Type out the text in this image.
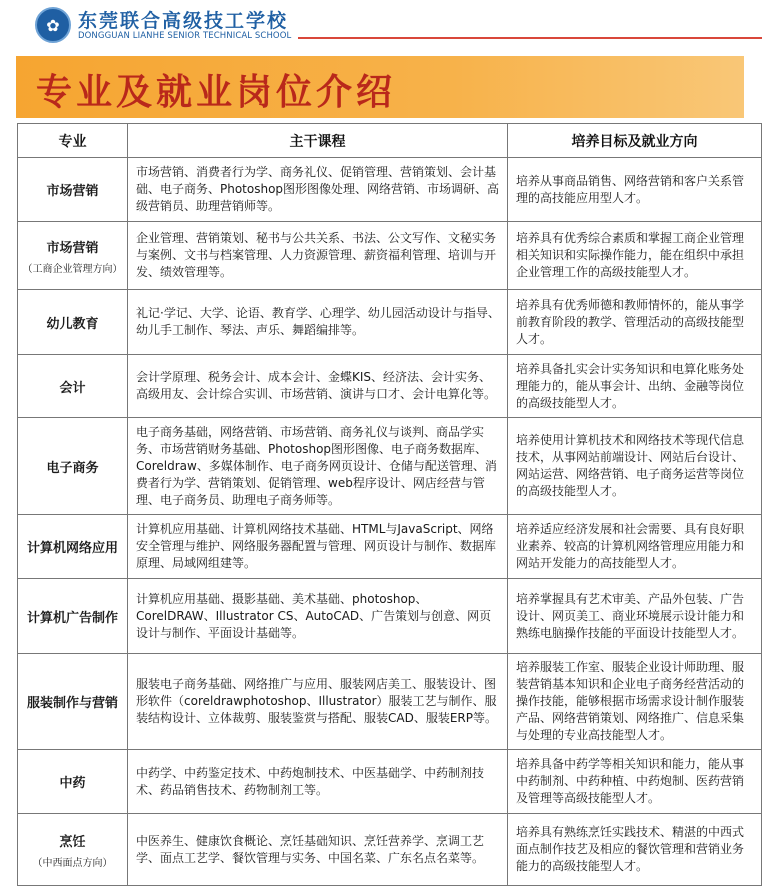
✿ 东莞联合高级技工学校
DONGGUAN LIANHE SENIOR TECHNICAL SCHOOL
专业及就业岗位介绍
专业	主干课程	培养目标及就业方向
市场营销	市场营销、消费者行为学、商务礼仪、促销管理、营销策划、会计基础、电子商务、Photoshop图形图像处理、网络营销、市场调研、高级营销员、助理营销师等。	培养从事商品销售、网络营销和客户关系管理的高技能应用型人才。
市场营销
（工商企业管理方向）	企业管理、营销策划、秘书与公共关系、书法、公文写作、文秘实务与案例、文书与档案管理、人力资源管理、薪资福利管理、培训与开发、绩效管理等。	培养具有优秀综合素质和掌握工商企业管理相关知识和实际操作能力，能在组织中承担企业管理工作的高级技能型人才。
幼儿教育	礼记·学记、大学、论语、教育学、心理学、幼儿园活动设计与指导、幼儿手工制作、琴法、声乐、舞蹈编排等。	培养具有优秀师德和教师情怀的，能从事学前教育阶段的教学、管理活动的高级技能型人才。
会计	会计学原理、税务会计、成本会计、金蝶KIS、经济法、会计实务、高级用友、会计综合实训、市场营销、演讲与口才、会计电算化等。	培养具备扎实会计实务知识和电算化账务处理能力的，能从事会计、出纳、金融等岗位的高级技能型人才。
电子商务	电子商务基础，网络营销、市场营销、商务礼仪与谈判、商品学实务、市场营销财务基础、Photoshop图形图像、电子商务数据库、Coreldraw、多媒体制作、电子商务网页设计、仓储与配送管理、消费者行为学、营销策划、促销管理、web程序设计、网店经营与管理、电子商务员、助理电子商务师等。	培养使用计算机技术和网络技术等现代信息技术，从事网站前端设计、网站后台设计、网站运营、网络营销、电子商务运营等岗位的高级技能型人才。
计算机网络应用	计算机应用基础、计算机网络技术基础、HTML与JavaScript、网络安全管理与维护、网络服务器配置与管理、网页设计与制作、数据库原理、局域网组建等。	培养适应经济发展和社会需要、具有良好职业素养、较高的计算机网络管理应用能力和网站开发能力的高技能型人才。
计算机广告制作	计算机应用基础、摄影基础、美术基础、photoshop、CorelDRAW、Illustrator CS、AutoCAD、广告策划与创意、网页设计与制作、平面设计基础等。	培养掌握具有艺术审美、产品外包装、广告设计、网页美工、商业环境展示设计能力和熟练电脑操作技能的平面设计技能型人才。
服装制作与营销	服装电子商务基础、网络推广与应用、服装网店美工、服装设计、图形软件（coreldrawphotoshop、Illustrator）服装工艺与制作、服装结构设计、立体裁剪、服装鉴赏与搭配、服装CAD、服装ERP等。	培养服装工作室、服装企业设计师助理、服装营销基本知识和企业电子商务经营活动的操作技能，能够根据市场需求设计制作服装产品、网络营销策划、网络推广、信息采集与处理的专业高技能型人才。
中药	中药学、中药鉴定技术、中药炮制技术、中医基础学、中药制剂技术、药品销售技术、药物制剂工等。	培养具备中药学等相关知识和能力，能从事中药制剂、中药种植、中药炮制、医药营销及管理等高级技能型人才。
烹饪
（中西面点方向）	中医养生、健康饮食概论、烹饪基础知识、烹饪营养学、烹调工艺学、面点工艺学、餐饮管理与实务、中国名菜、广东名点名菜等。	培养具有熟练烹饪实践技术、精湛的中西式面点制作技艺及相应的餐饮管理和营销业务能力的高级技能型人才。
